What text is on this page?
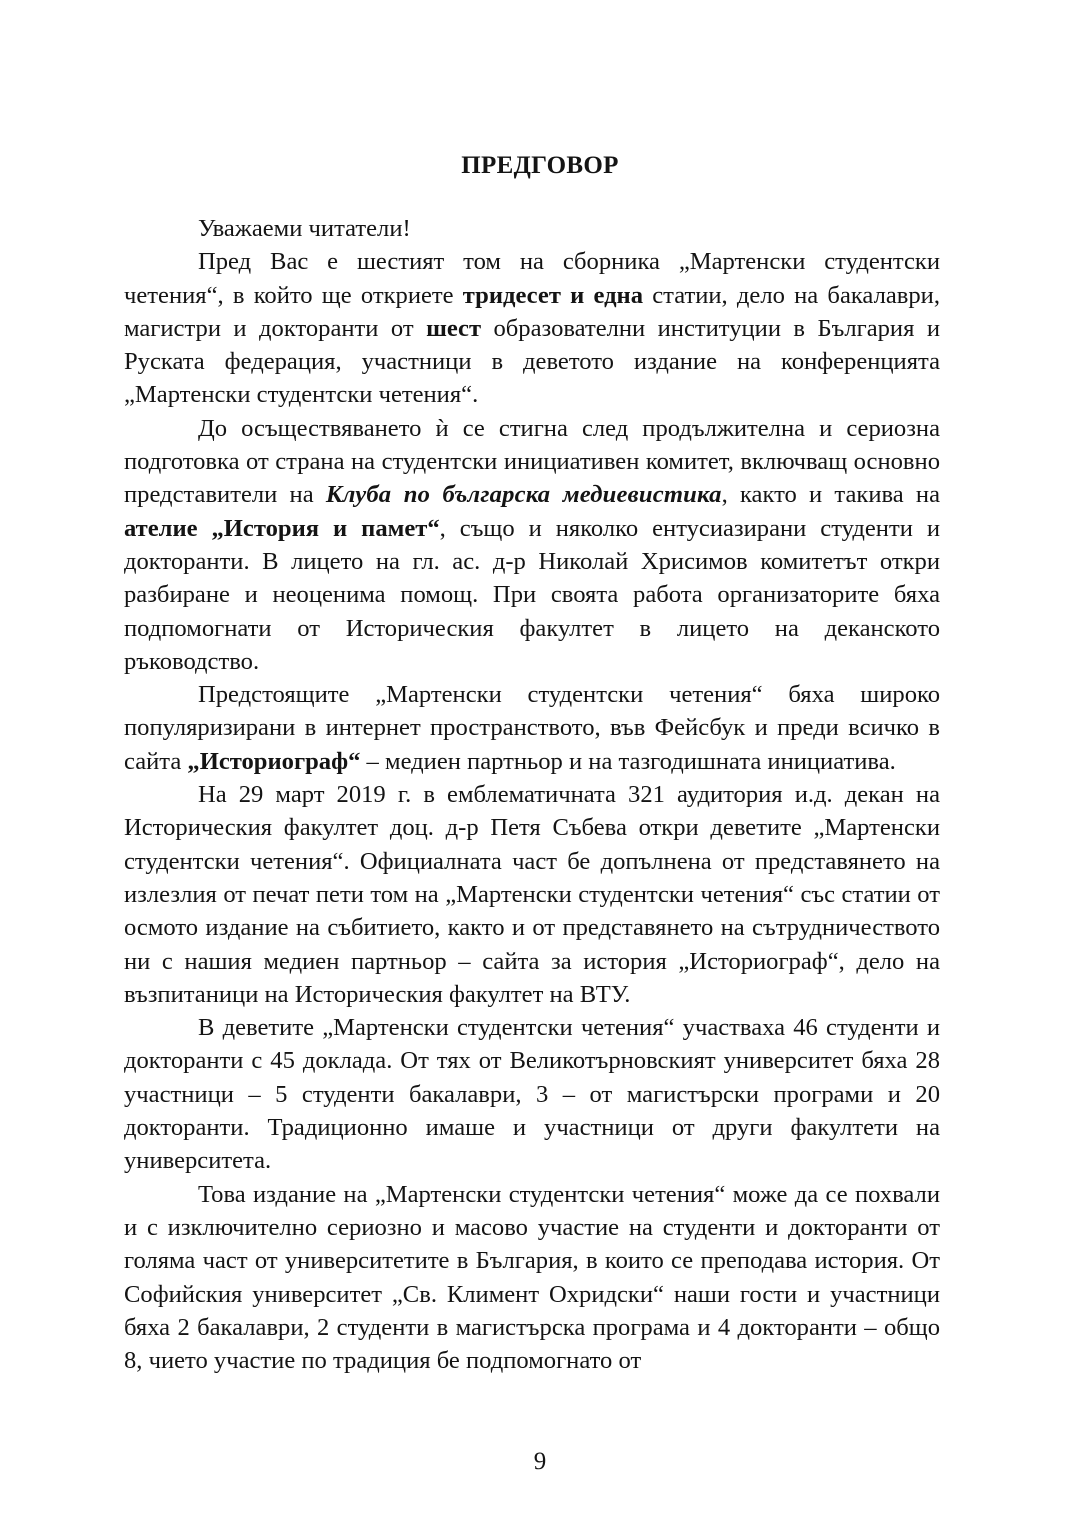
ПРЕДГОВОР

Уважаеми читатели!

Пред Вас е шестият том на сборника „Мартенски студентски четения“, в който ще откриете тридесет и една статии, дело на бакалаври, магистри и докторанти от шест образователни институции в България и Руската федерация, участници в деветото издание на конференцията „Мартенски студентски четения“.

До осъществяването ѝ се стигна след продължителна и сериозна подготовка от страна на студентски инициативен комитет, включващ основно представители на Клуба по българска медиевистика, както и такива на ателие „История и памет“, също и няколко ентусиазирани студенти и докторанти. В лицето на гл. ас. д-р Николай Хрисимов комитетът откри разбиране и неоценима помощ. При своята работа организаторите бяха подпомогнати от Историческия факултет в лицето на деканското ръководство.

Предстоящите „Мартенски студентски четения“ бяха широко популяризирани в интернет пространството, във Фейсбук и преди всичко в сайта „Историограф“ – медиен партньор и на тазгодишната инициатива.

На 29 март 2019 г. в емблематичната 321 аудитория и.д. декан на Историческия факултет доц. д-р Петя Събева откри деветите „Мартенски студентски четения“. Официалната част бе допълнена от представянето на излезлия от печат пети том на „Мартенски студентски четения“ със статии от осмото издание на събитието, както и от представянето на сътрудничеството ни с нашия медиен партньор – сайта за история „Историограф“, дело на възпитаници на Историческия факултет на ВТУ.

В деветите „Мартенски студентски четения“ участваха 46 студенти и докторанти с 45 доклада. От тях от Великотърновският университет бяха 28 участници – 5 студенти бакалаври, 3 – от магистърски програми и 20 докторанти. Традиционно имаше и участници от други факултети на университета.

Това издание на „Мартенски студентски четения“ може да се похвали и с изключително сериозно и масово участие на студенти и докторанти от голяма част от университетите в България, в които се преподава история. От Софийския университет „Св. Климент Охридски“ наши гости и участници бяха 2 бакалаври, 2 студенти в магистърска програма и 4 докторанти – общо 8, чието участие по традиция бе подпомогнато от

9
